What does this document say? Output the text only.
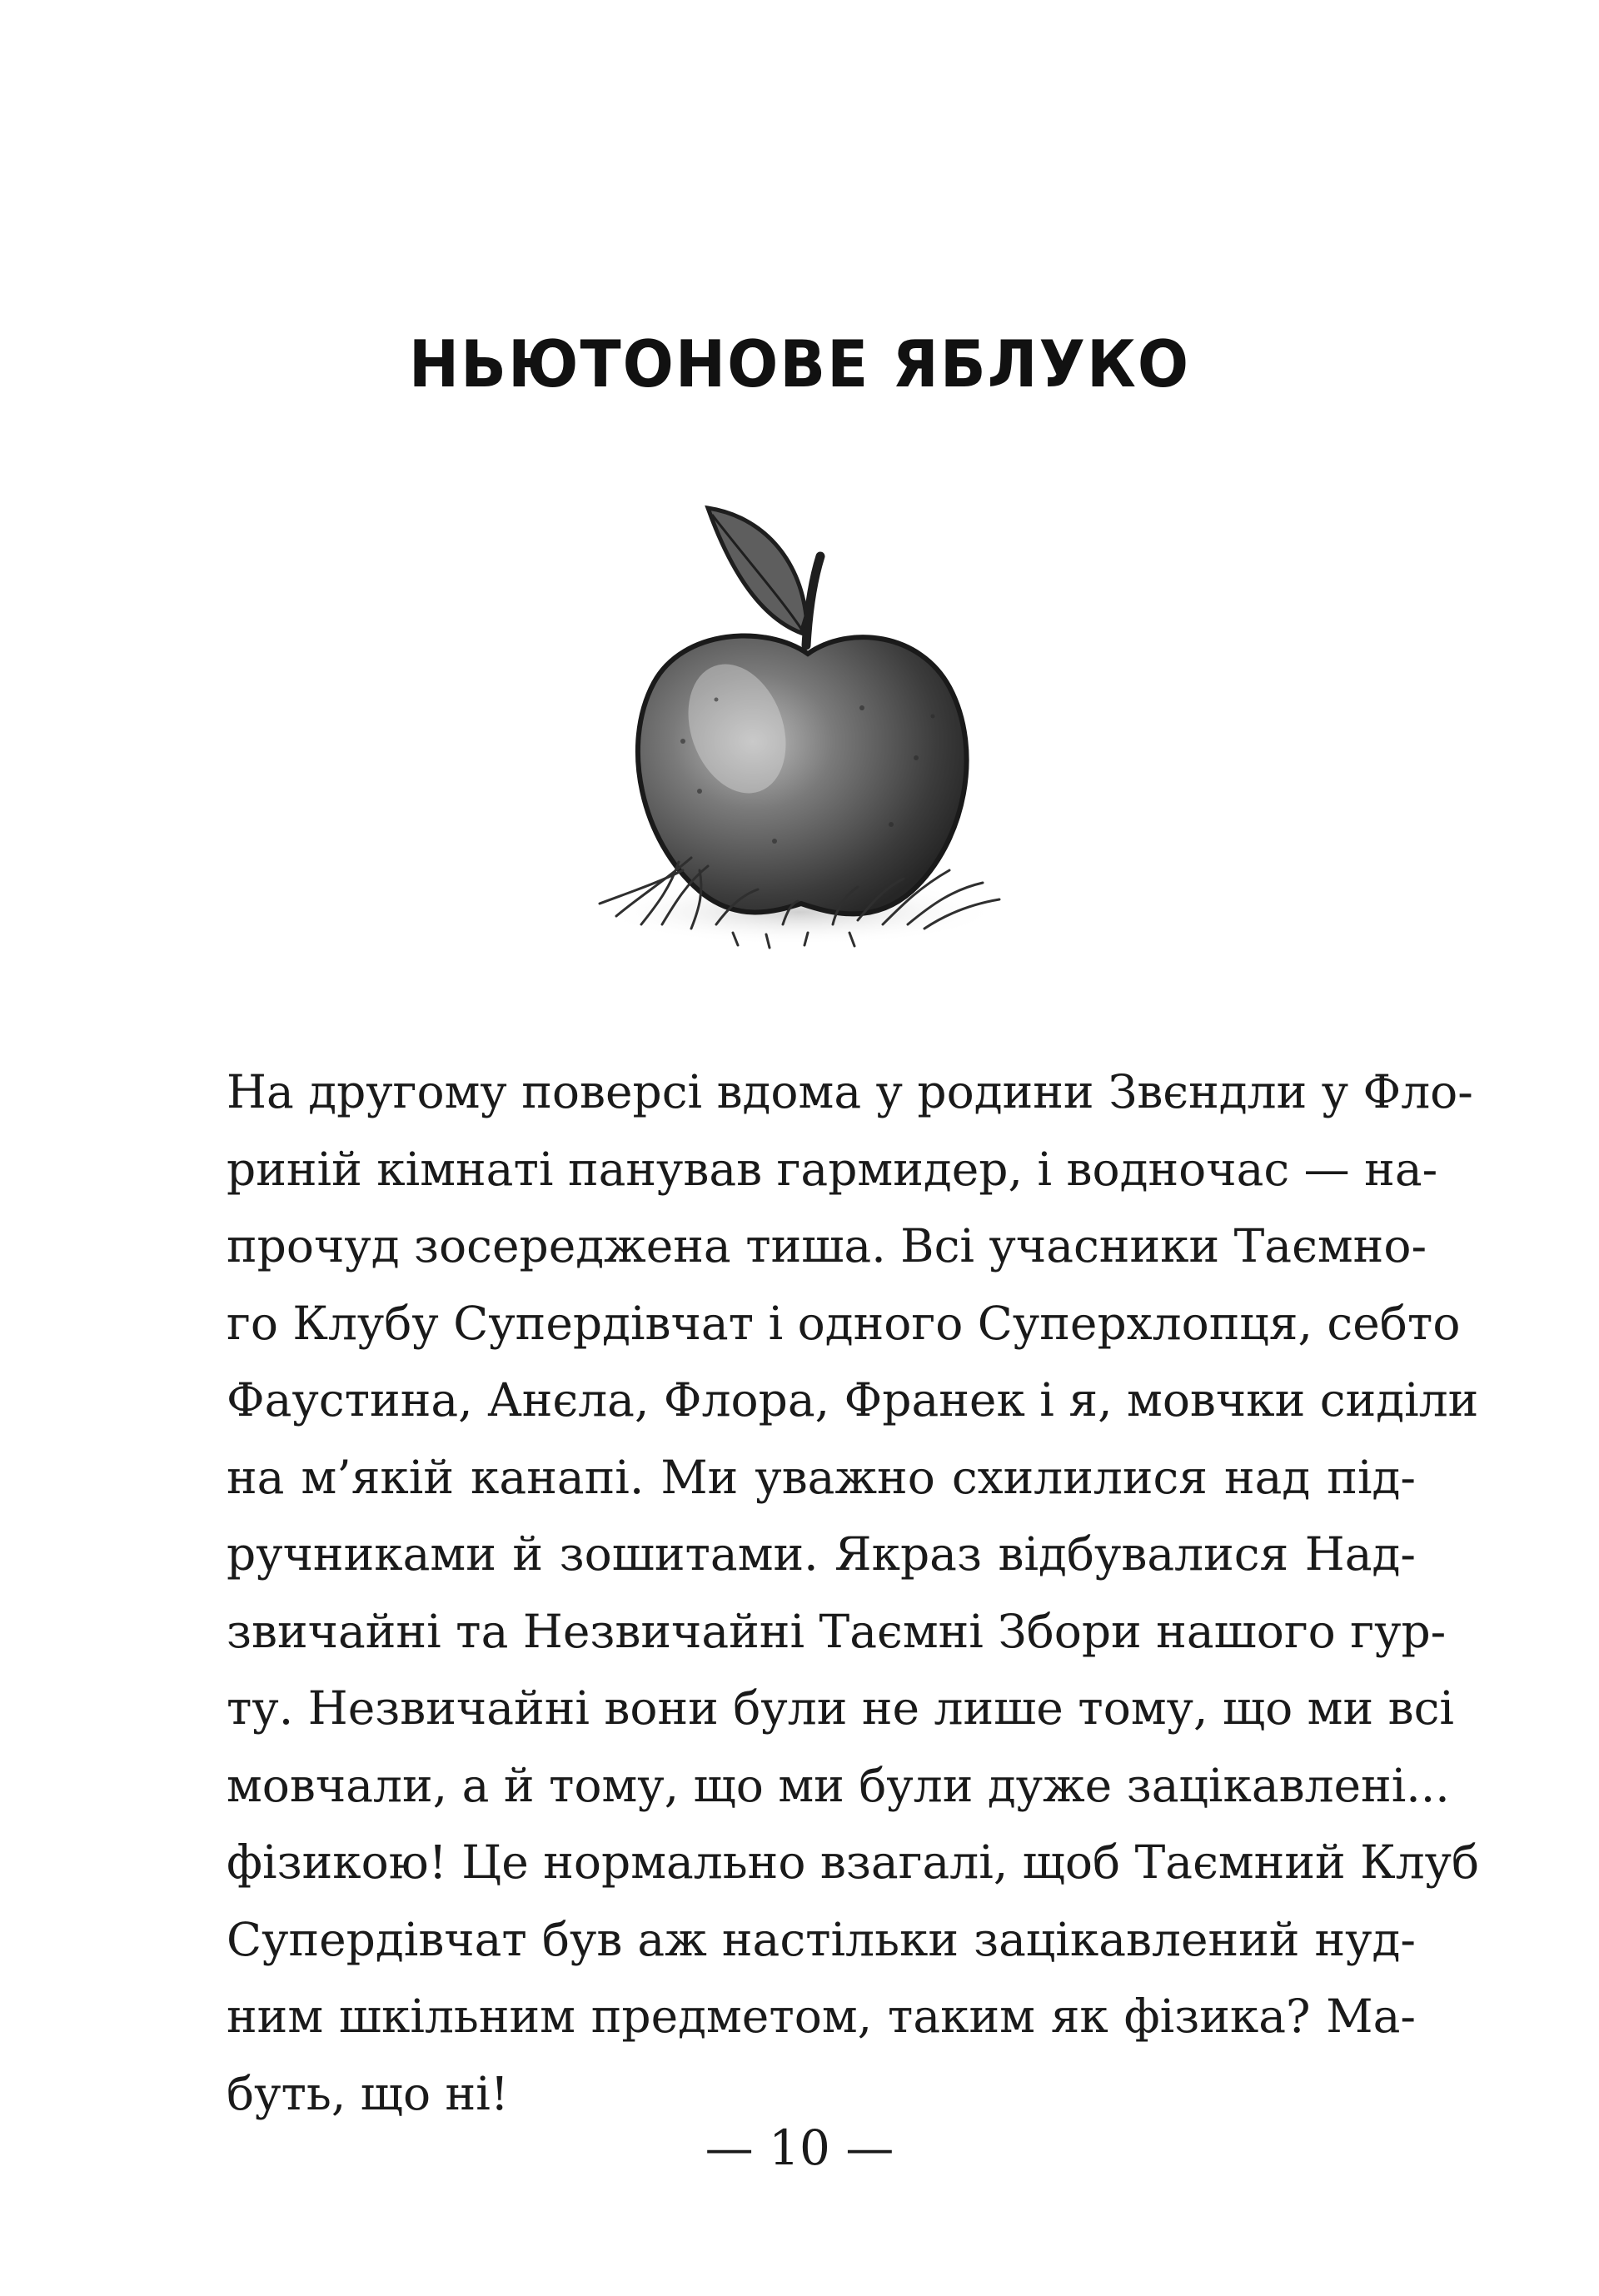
НЬЮТОНОВЕ ЯБЛУКО
На другому поверсі вдома у родини Звєндли у Фло-
риній кімнаті панував гармидер, і водночас — на-
прочуд зосереджена тиша. Всі учасники Таємно-
го Клубу Супердівчат і одного Суперхлопця, себто
Фаустина, Анєла, Флора, Франек і я, мовчки сиділи
на м’якій канапі. Ми уважно схилилися над під-
ручниками й зошитами. Якраз відбувалися Над-
звичайні та Незвичайні Таємні Збори нашого гур-
ту. Незвичайні вони були не лише тому, що ми всі
мовчали, а й тому, що ми були дуже зацікавлені...
фізикою! Це нормально взагалі, щоб Таємний Клуб
Супердівчат був аж настільки зацікавлений нуд-
ним шкільним предметом, таким як фізика? Ма-
буть, що ні!
— 10 —
